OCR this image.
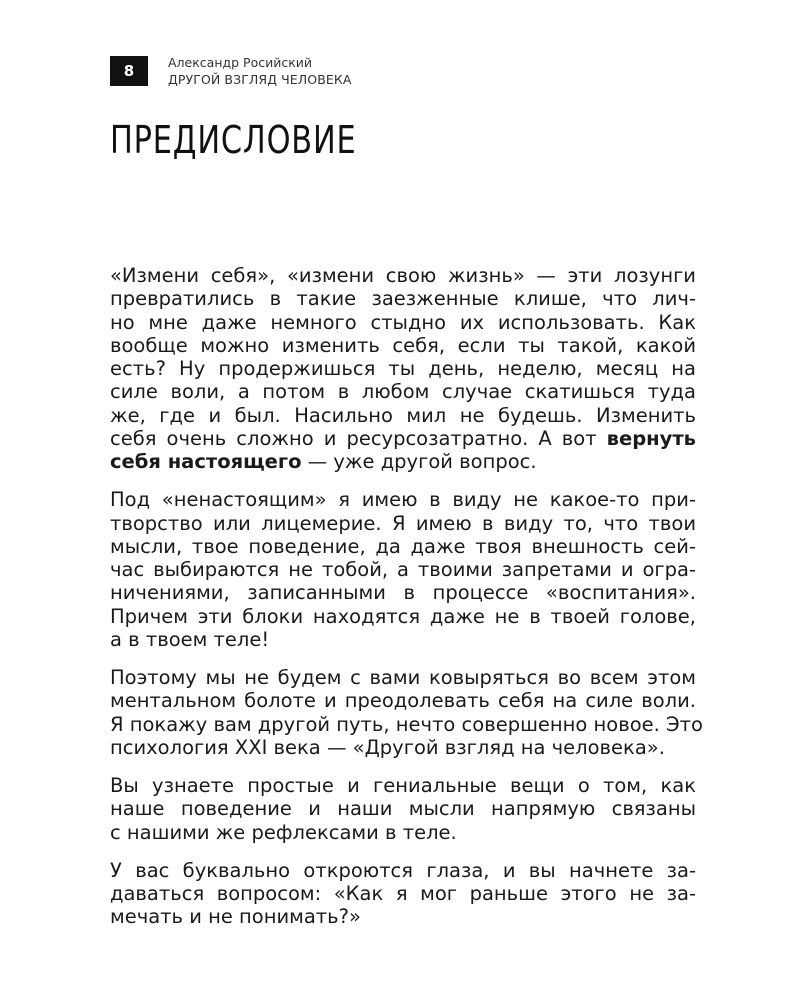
8	Александр Росийский
ДРУГОЙ ВЗГЛЯД ЧЕЛОВЕКА
ПРЕДИСЛОВИЕ
«Измени себя», «измени свою жизнь» — эти лозунги
превратились в такие заезженные клише, что лич-
но мне даже немного стыдно их использовать. Как
вообще можно изменить себя, если ты такой, какой
есть? Ну продержишься ты день, неделю, месяц на
силе воли, а потом в любом случае скатишься туда
же, где и был. Насильно мил не будешь. Изменить
себя очень сложно и ресурсозатратно. А вот вернуть
себя настоящего — уже другой вопрос.
Под «ненастоящим» я имею в виду не какое-то при-
творство или лицемерие. Я имею в виду то, что твои
мысли, твое поведение, да даже твоя внешность сей-
час выбираются не тобой, а твоими запретами и огра-
ничениями, записанными в процессе «воспитания».
Причем эти блоки находятся даже не в твоей голове,
а в твоем теле!
Поэтому мы не будем с вами ковыряться во всем этом
ментальном болоте и преодолевать себя на силе воли.
Я покажу вам другой путь, нечто совершенно новое. Это
психология XXI века — «Другой взгляд на человека».
Вы узнаете простые и гениальные вещи о том, как
наше поведение и наши мысли напрямую связаны
с нашими же рефлексами в теле.
У вас буквально откроются глаза, и вы начнете за-
даваться вопросом: «Как я мог раньше этого не за-
мечать и не понимать?»
